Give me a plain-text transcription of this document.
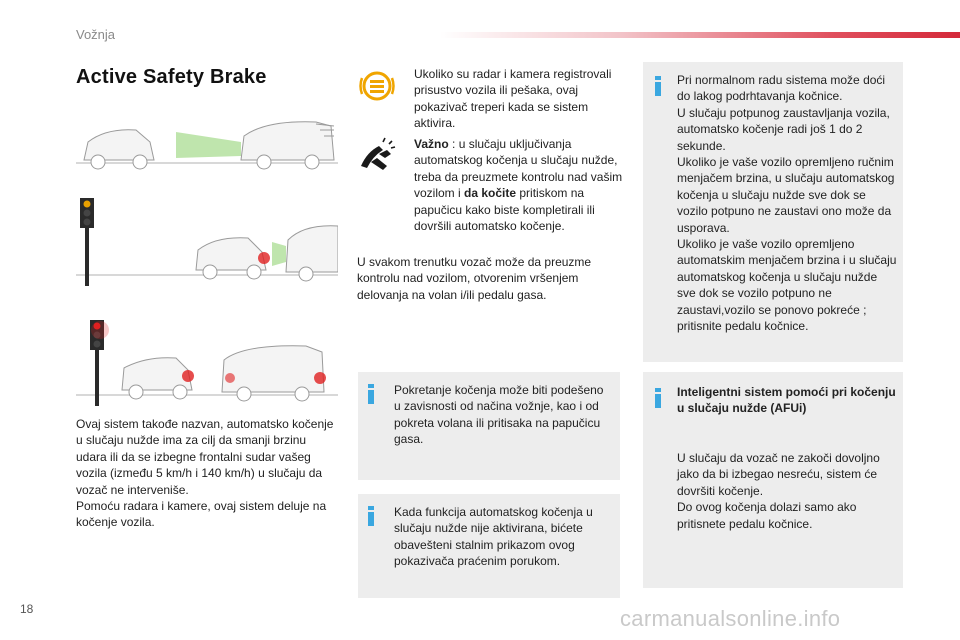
Vožnja
Active Safety Brake
Ovaj sistem takođe nazvan, automatsko kočenje u slučaju nužde ima za cilj da smanji brzinu udara ili da se izbegne frontalni sudar vašeg vozila (između 5 km/h i 140 km/h) u slučaju da vozač ne interveniše.
Pomoću radara i kamere, ovaj sistem deluje na kočenje vozila.
Ukoliko su radar i kamera registrovali prisustvo vozila ili pešaka, ovaj pokazivač treperi kada se sistem aktivira.
Važno : u slučaju uključivanja automatskog kočenja u slučaju nužde, treba da preuzmete kontrolu nad vašim vozilom i da kočite pritiskom na papučicu kako biste kompletirali ili dovršili automatsko kočenje.
U svakom trenutku vozač može da preuzme kontrolu nad vozilom, otvorenim vršenjem delovanja na volan i/ili pedalu gasa.
Pokretanje kočenja može biti podešeno u zavisnosti od načina vožnje, kao i od pokreta volana ili pritisaka na papučicu gasa.
Kada funkcija automatskog kočenja u slučaju nužde nije aktivirana, bićete obavešteni stalnim prikazom ovog pokazivača praćenim porukom.
Pri normalnom radu sistema može doći do lakog podrhtavanja kočnice.
U slučaju potpunog zaustavljanja vozila, automatsko kočenje radi još 1 do 2 sekunde.
Ukoliko je vaše vozilo opremljeno ručnim menjačem brzina, u slučaju automatskog kočenja u slučaju nužde sve dok se vozilo potpuno ne zaustavi ono može da usporava.
Ukoliko je vaše vozilo opremljeno automatskim menjačem brzina i u slučaju automatskog kočenja u slučaju nužde sve dok se vozilo potpuno ne zaustavi,vozilo se ponovo pokreće ; pritisnite pedalu kočnice.
Inteligentni sistem pomoći pri kočenju u slučaju nužde (AFUi)
U slučaju da vozač ne zakoči dovoljno jako da bi izbegao nesreću, sistem će dovršiti kočenje.
Do ovog kočenja dolazi samo ako pritisnete pedalu kočnice.
18	carmanualsonline.info
